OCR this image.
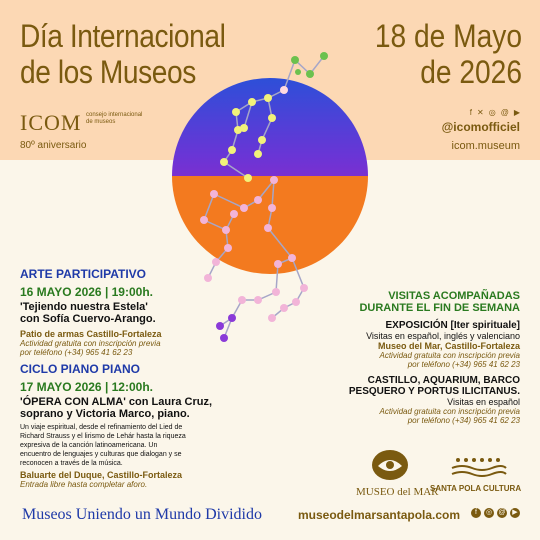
Día Internacional
de los Museos
18 de Mayo
de 2026
ICOM consejo internacional de museos
80º aniversario
f ✕ ◎ @ ▶
@icomofficiel
icom.museum
ARTE PARTICIPATIVO
16 MAYO 2026 | 19:00h.
'Tejiendo nuestra Estela'
con Sofía Cuervo-Arango.
Patio de armas Castillo-Fortaleza
Actividad gratuita con inscripción previa
por teléfono (+34) 965 41 62 23
CICLO PIANO PIANO
17 MAYO 2026 | 12:00h.
'ÓPERA CON ALMA' con Laura Cruz,
soprano y Victoria Marco, piano.
Un viaje espiritual, desde el refinamiento del Lied de
Richard Strauss y el lirismo de Lehár hasta la riqueza
expresiva de la canción latinoamericana. Un
encuentro de lenguajes y culturas que dialogan y se
reconocen a través de la música.
Baluarte del Duque, Castillo-Fortaleza
Entrada libre hasta completar aforo.
VISITAS ACOMPAÑADAS
DURANTE EL FIN DE SEMANA
EXPOSICIÓN [Iter spirituale]
Visitas en español, inglés y valenciano
Museo del Mar, Castillo-Fortaleza
Actividad gratuita con inscripción previa
por teléfono (+34) 965 41 62 23
CASTILLO, AQUARIUM, BARCO
PESQUERO Y PORTUS ILICITANUS.
Visitas en español
Actividad gratuita con inscripción previa
por teléfono (+34) 965 41 62 23
MUSEO del MAR
SANTA POLA CULTURA
Museos Uniendo un Mundo Dividido	museodelmarsantapola.com	f	◎ @ ▶
